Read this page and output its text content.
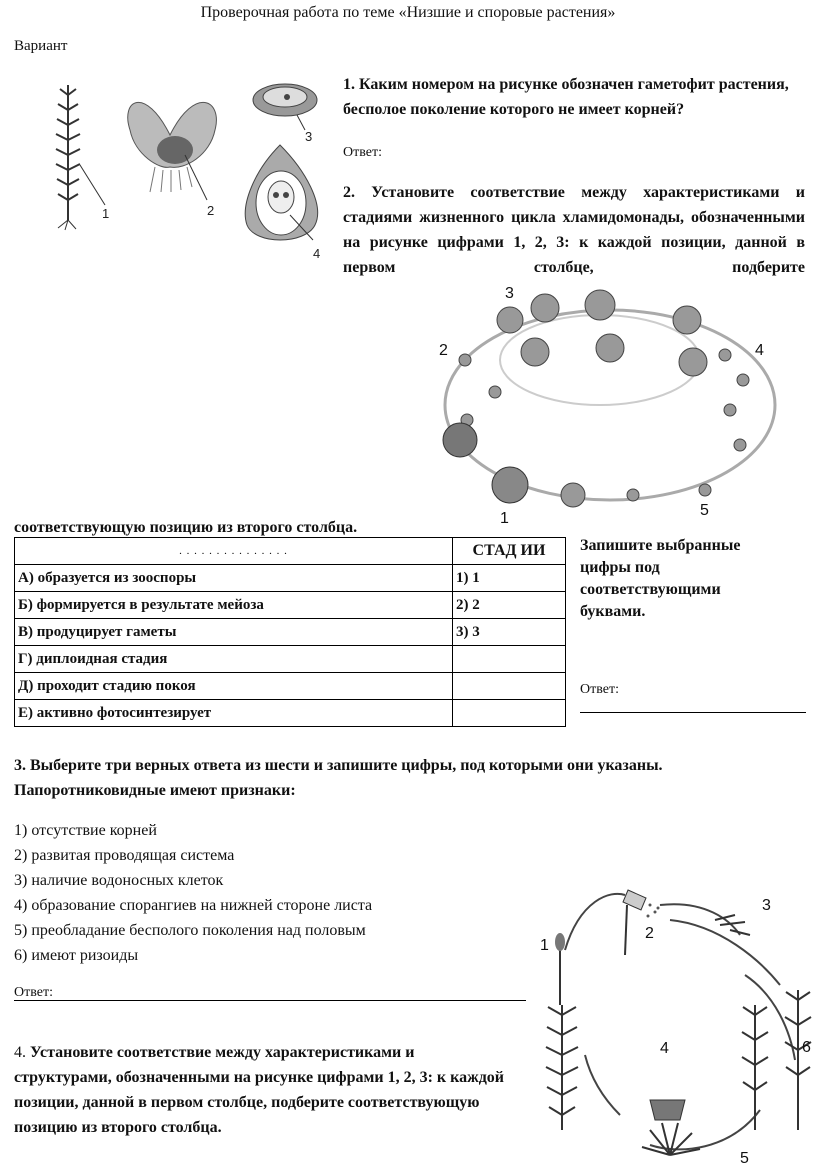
Проверочная работа по теме «Низшие и споровые растения»
Вариант
1	2
3
4
1. Каким номером на рисунке обозначен гаметофит растения, бесполое поколение которого не имеет корней?
Ответ:
2. Установите соответствие между характеристиками и стадиями жизненного цикла хламидомонады, обозначенными на рисунке цифрами 1, 2, 3: к каждой позиции, данной в первом столбце, подберите
3
2	4
1	5
соответствующую позицию из второго столбца.
. . . . . . . . . . . . . . .	СТАД ИИ
А) образуется из зооспоры	1) 1
Б) формируется в результате мейоза	2) 2
В) продуцирует гаметы	3) 3
Г) диплоидная стадия	
Д) проходит стадию покоя	
Е) активно фотосинтезирует	
Запишите выбранные цифры под соответствующими буквами.
Ответ:
3. Выберите три верных ответа из шести и запишите цифры, под которыми они указаны. Папоротниковидные имеют признаки:
1) отсутствие корней
2) развитая проводящая система
3) наличие водоносных клеток
4) образование спорангиев на нижней стороне листа
5) преобладание бесполого поколения над половым
6) имеют ризоиды
Ответ:
4. Установите соответствие между характеристиками и структурами, обозначенными на рисунке цифрами 1, 2, 3: к каждой позиции, данной в первом столбце, подберите соответствующую позицию из второго столбца.
1
2
3
4
5
6
